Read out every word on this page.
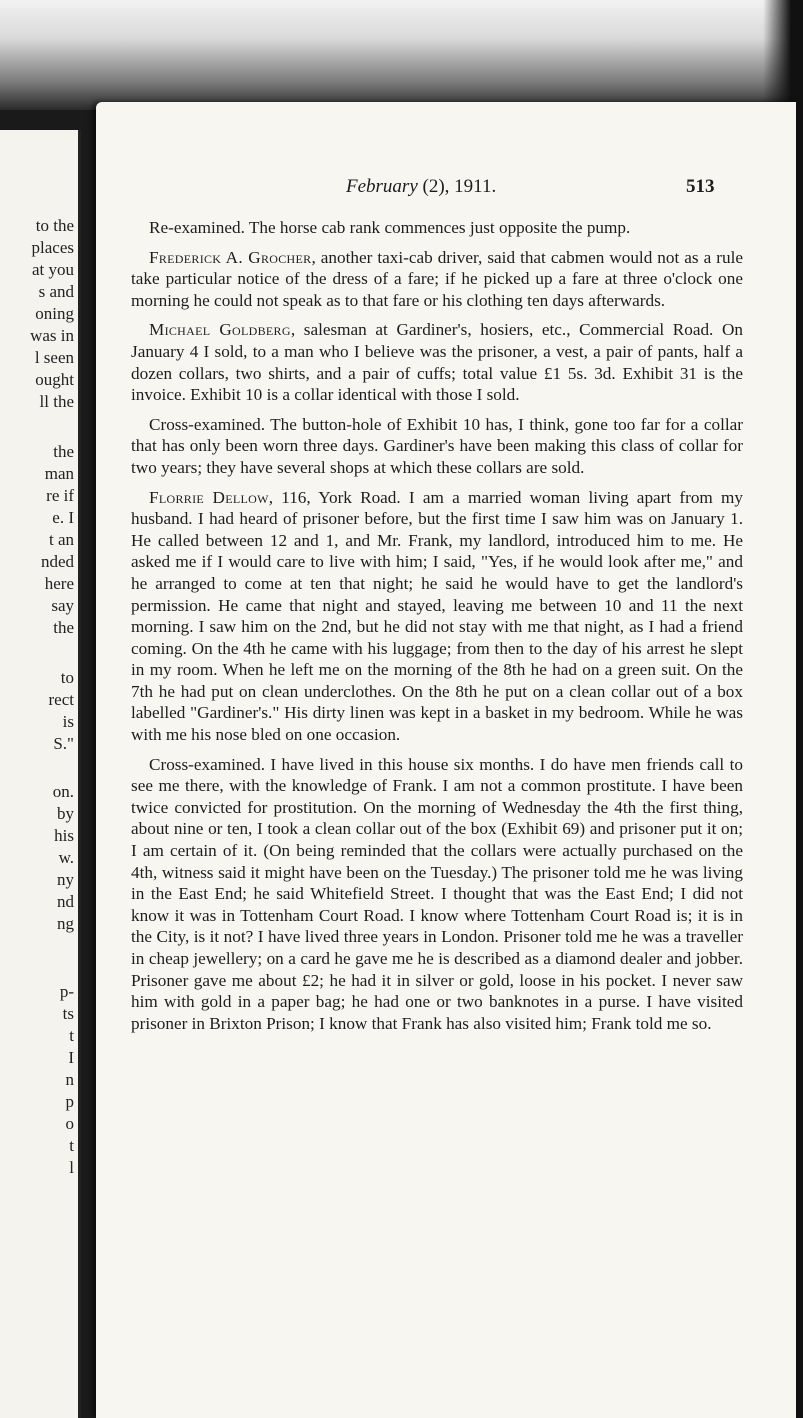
to the
places
at you
s and
oning
was in
l seen
ought
ll the
the
man
re if
e. I
t an
nded
here
say
the
to
rect
is
S."
on.
by
his
w.
ny
nd
ng
p-
ts
t
I
n
p
o
t
l
February (2), 1911.	513

Re-examined. The horse cab rank commences just opposite the pump.

Frederick A. Grocher, another taxi-cab driver, said that cabmen would not as a rule take particular notice of the dress of a fare; if he picked up a fare at three o'clock one morning he could not speak as to that fare or his clothing ten days afterwards.

Michael Goldberg, salesman at Gardiner's, hosiers, etc., Commercial Road. On January 4 I sold, to a man who I believe was the prisoner, a vest, a pair of pants, half a dozen collars, two shirts, and a pair of cuffs; total value £1 5s. 3d. Exhibit 31 is the invoice. Exhibit 10 is a collar identical with those I sold.

Cross-examined. The button-hole of Exhibit 10 has, I think, gone too far for a collar that has only been worn three days. Gardiner's have been making this class of collar for two years; they have several shops at which these collars are sold.

Florrie Dellow, 116, York Road. I am a married woman living apart from my husband. I had heard of prisoner before, but the first time I saw him was on January 1. He called between 12 and 1, and Mr. Frank, my landlord, introduced him to me. He asked me if I would care to live with him; I said, "Yes, if he would look after me," and he arranged to come at ten that night; he said he would have to get the landlord's permission. He came that night and stayed, leaving me between 10 and 11 the next morning. I saw him on the 2nd, but he did not stay with me that night, as I had a friend coming. On the 4th he came with his luggage; from then to the day of his arrest he slept in my room. When he left me on the morning of the 8th he had on a green suit. On the 7th he had put on clean underclothes. On the 8th he put on a clean collar out of a box labelled "Gardiner's." His dirty linen was kept in a basket in my bedroom. While he was with me his nose bled on one occasion.

Cross-examined. I have lived in this house six months. I do have men friends call to see me there, with the knowledge of Frank. I am not a common prostitute. I have been twice convicted for prostitution. On the morning of Wednesday the 4th the first thing, about nine or ten, I took a clean collar out of the box (Exhibit 69) and prisoner put it on; I am certain of it. (On being reminded that the collars were actually purchased on the 4th, witness said it might have been on the Tuesday.) The prisoner told me he was living in the East End; he said Whitefield Street. I thought that was the East End; I did not know it was in Tottenham Court Road. I know where Tottenham Court Road is; it is in the City, is it not? I have lived three years in London. Prisoner told me he was a traveller in cheap jewellery; on a card he gave me he is described as a diamond dealer and jobber. Prisoner gave me about £2; he had it in silver or gold, loose in his pocket. I never saw him with gold in a paper bag; he had one or two banknotes in a purse. I have visited prisoner in Brixton Prison; I know that Frank has also visited him; Frank told me so.
